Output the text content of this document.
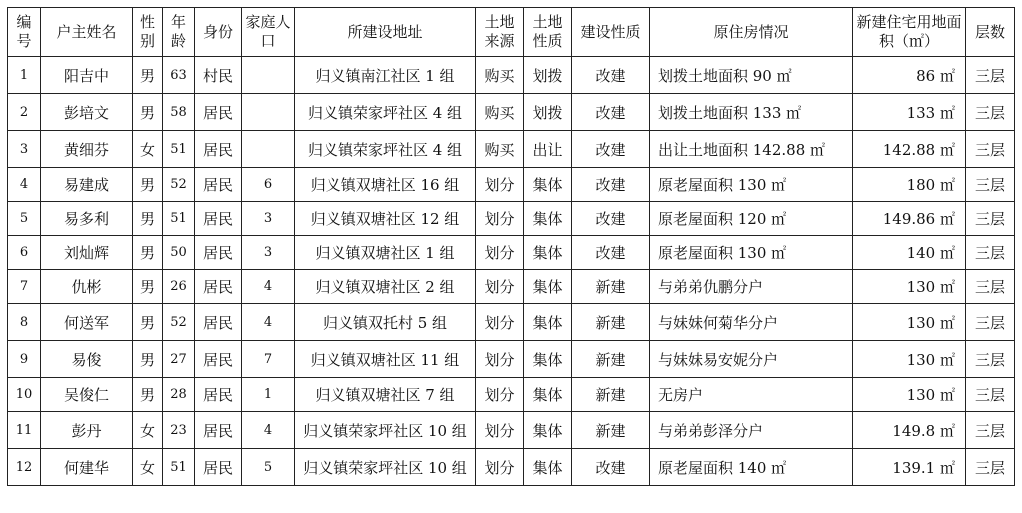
编号	户主姓名	性别	年龄	身份	家庭人口	所建设地址	土地来源	土地性质	建设性质	原住房情况	新建住宅用地面积（㎡）	层数
1	阳吉中	男	63	村民		归义镇南江社区 1 组	购买	划拨	改建	划拨土地面积 90 ㎡	86 ㎡	三层
2	彭培文	男	58	居民		归义镇荣家坪社区 4 组	购买	划拨	改建	划拨土地面积 133 ㎡	133 ㎡	三层
3	黄细芬	女	51	居民		归义镇荣家坪社区 4 组	购买	出让	改建	出让土地面积 142.88 ㎡	142.88 ㎡	三层
4	易建成	男	52	居民	6	归义镇双塘社区 16 组	划分	集体	改建	原老屋面积 130 ㎡	180 ㎡	三层
5	易多利	男	51	居民	3	归义镇双塘社区 12 组	划分	集体	改建	原老屋面积 120 ㎡	149.86 ㎡	三层
6	刘灿辉	男	50	居民	3	归义镇双塘社区 1 组	划分	集体	改建	原老屋面积 130 ㎡	140 ㎡	三层
7	仇彬	男	26	居民	4	归义镇双塘社区 2 组	划分	集体	新建	与弟弟仇鹏分户	130 ㎡	三层
8	何送军	男	52	居民	4	归义镇双托村 5 组	划分	集体	新建	与妹妹何菊华分户	130 ㎡	三层
9	易俊	男	27	居民	7	归义镇双塘社区 11 组	划分	集体	新建	与妹妹易安妮分户	130 ㎡	三层
10	吴俊仁	男	28	居民	1	归义镇双塘社区 7 组	划分	集体	新建	无房户	130 ㎡	三层
11	彭丹	女	23	居民	4	归义镇荣家坪社区 10 组	划分	集体	新建	与弟弟彭泽分户	149.8 ㎡	三层
12	何建华	女	51	居民	5	归义镇荣家坪社区 10 组	划分	集体	改建	原老屋面积 140 ㎡	139.1 ㎡	三层
